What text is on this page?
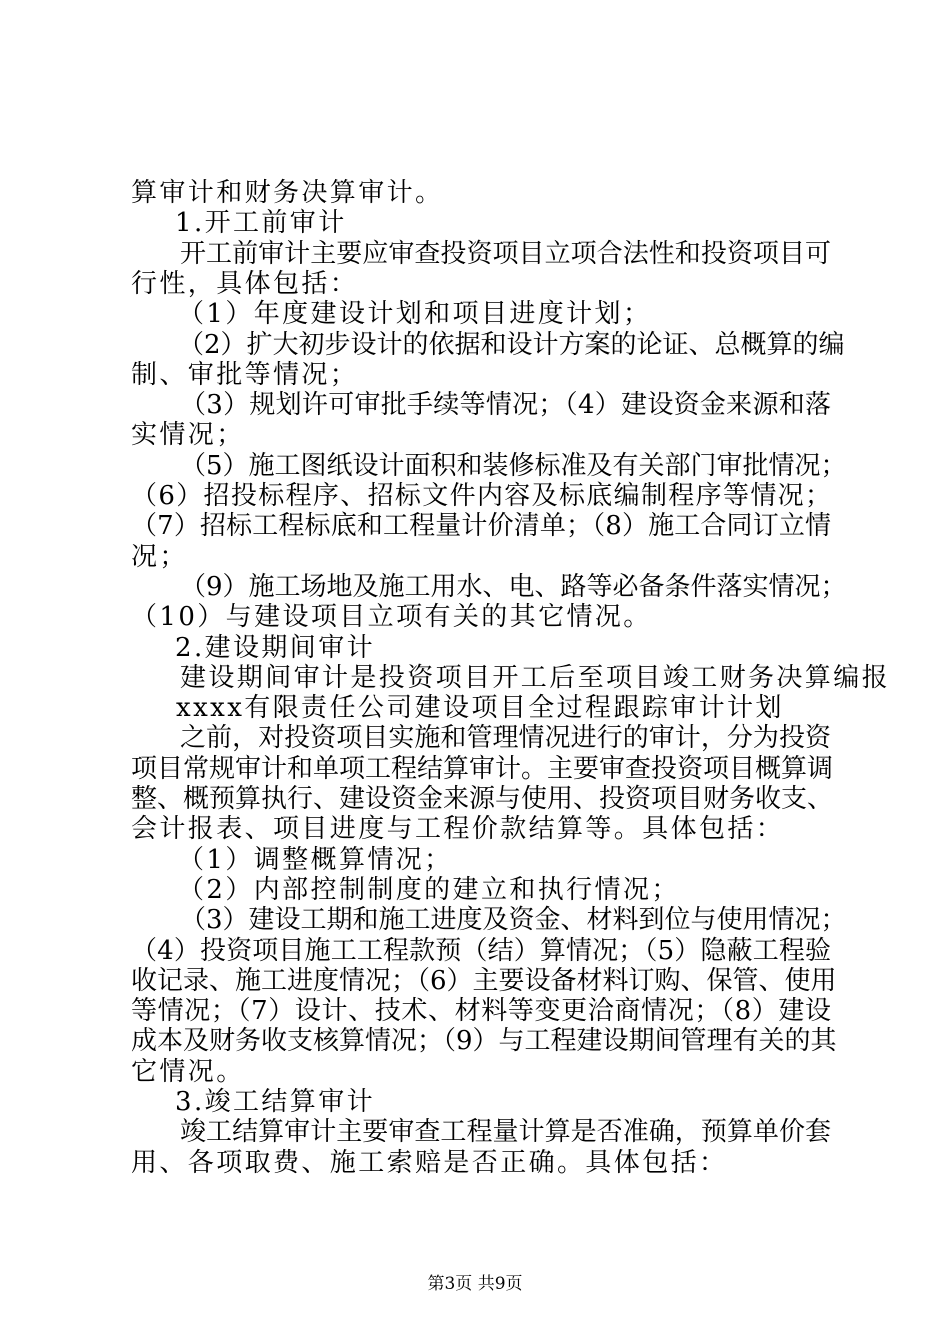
算审计和财务决算审计。
1.开工前审计
开工前审计主要应审查投资项目立项合法性和投资项目可
行性，具体包括：
（1）年度建设计划和项目进度计划；
（2）扩大初步设计的依据和设计方案的论证、总概算的编
制、审批等情况；
（3）规划许可审批手续等情况；（4）建设资金来源和落
实情况；
（5）施工图纸设计面积和装修标准及有关部门审批情况；
（6）招投标程序、招标文件内容及标底编制程序等情况；
（7）招标工程标底和工程量计价清单；（8）施工合同订立情
况；
（9）施工场地及施工用水、电、路等必备条件落实情况；
（10）与建设项目立项有关的其它情况。
2.建设期间审计
建设期间审计是投资项目开工后至项目竣工财务决算编报
xxxx有限责任公司建设项目全过程跟踪审计计划
之前，对投资项目实施和管理情况进行的审计，分为投资
项目常规审计和单项工程结算审计。主要审查投资项目概算调
整、概预算执行、建设资金来源与使用、投资项目财务收支、
会计报表、项目进度与工程价款结算等。具体包括：
（1）调整概算情况；
（2）内部控制制度的建立和执行情况；
（3）建设工期和施工进度及资金、材料到位与使用情况；
（4）投资项目施工工程款预（结）算情况；（5）隐蔽工程验
收记录、施工进度情况；（6）主要设备材料订购、保管、使用
等情况；（7）设计、技术、材料等变更洽商情况；（8）建设
成本及财务收支核算情况；（9）与工程建设期间管理有关的其
它情况。
3.竣工结算审计
竣工结算审计主要审查工程量计算是否准确，预算单价套
用、各项取费、施工索赔是否正确。具体包括：
第3页 共9页
